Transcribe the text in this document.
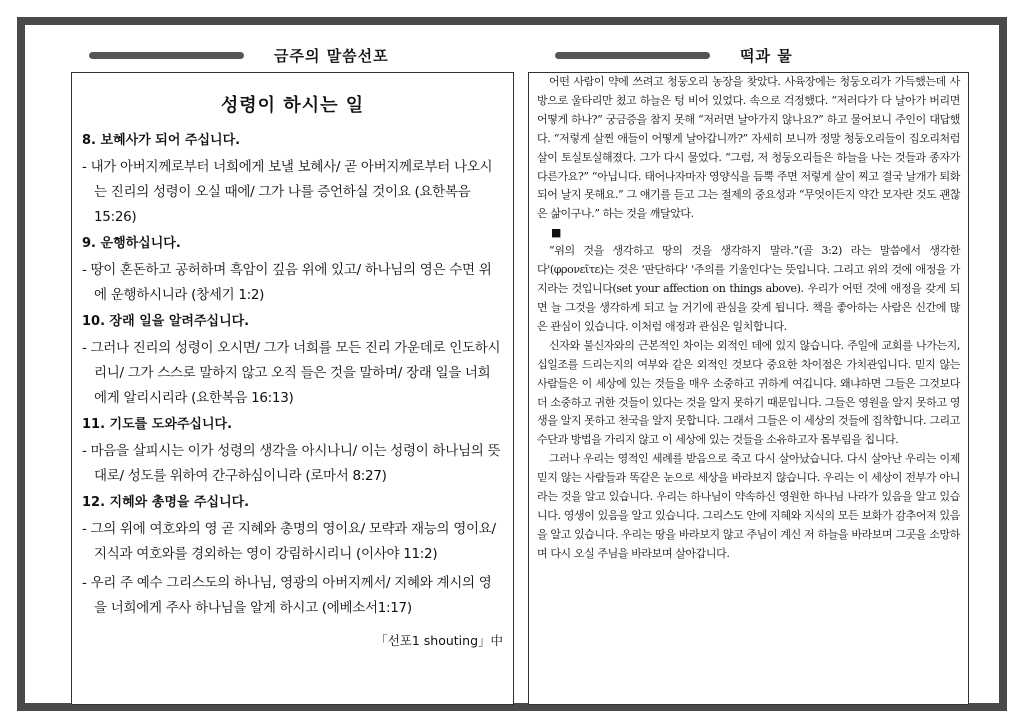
금주의 말씀선포	떡과 물
성령이 하시는 일
8. 보혜사가 되어 주십니다.
- 내가 아버지께로부터 너희에게 보낼 보혜사/ 곧 아버지께로부터 나오시는 진리의 성령이 오실 때에/ 그가 나를 증언하실 것이요 (요한복음 15:26)
9. 운행하십니다.
- 땅이 혼돈하고 공허하며 흑암이 깊음 위에 있고/ 하나님의 영은 수면 위에 운행하시니라 (창세기 1:2)
10. 장래 일을 알려주십니다.
- 그러나 진리의 성령이 오시면/ 그가 너희를 모든 진리 가운데로 인도하시리니/ 그가 스스로 말하지 않고 오직 들은 것을 말하며/ 장래 일을 너희에게 알리시리라 (요한복음 16:13)
11. 기도를 도와주십니다.
- 마음을 살피시는 이가 성령의 생각을 아시나니/ 이는 성령이 하나님의 뜻대로/ 성도를 위하여 간구하심이니라 (로마서 8:27)
12. 지혜와 총명을 주십니다.
- 그의 위에 여호와의 영 곧 지혜와 총명의 영이요/ 모략과 재능의 영이요/ 지식과 여호와를 경외하는 영이 강림하시리니 (이사야 11:2)
- 우리 주 예수 그리스도의 하나님, 영광의 아버지께서/ 지혜와 계시의 영을 너희에게 주사 하나님을 알게 하시고 (에베소서1:17)
「선포1 shouting」中

어떤 사람이 약에 쓰려고 청둥오리 농장을 찾았다. 사육장에는 청둥오리가 가득했는데 사방으로 울타리만 쳤고 하늘은 텅 비어 있었다. 속으로 걱정했다. “저러다가 다 날아가 버리면 어떻게 하나?” 궁금증을 참지 못해 “저러면 날아가지 않나요?” 하고 물어보니 주인이 대답했다. “저렇게 살찐 애들이 어떻게 날아갑니까?” 자세히 보니까 정말 청둥오리들이 집오리처럼 살이 토실토실해졌다. 그가 다시 물었다. “그럼, 저 청둥오리들은 하늘을 나는 것들과 종자가 다른가요?” “아닙니다. 태어나자마자 영양식을 듬뿍 주면 저렇게 살이 찌고 결국 날개가 퇴화되어 날지 못해요.” 그 얘기를 듣고 그는 절제의 중요성과 “무엇이든지 약간 모자란 것도 괜찮은 삶이구나.” 하는 것을 깨달았다.

■

“위의 것을 생각하고 땅의 것을 생각하지 말라.”(골 3:2) 라는 말씀에서 생각한다'(φρονεῖτε)는 것은 '판단하다' '주의를 기울인다'는 뜻입니다. 그리고 위의 것에 애정을 가지라는 것입니다(set your affection on things above). 우리가 어떤 것에 애정을 갖게 되면 늘 그것을 생각하게 되고 늘 거기에 관심을 갖게 됩니다. 책을 좋아하는 사람은 신간에 많은 관심이 있습니다. 이처럼 애정과 관심은 일치합니다.

신자와 불신자와의 근본적인 차이는 외적인 데에 있지 않습니다. 주일에 교회를 나가는지, 십일조를 드리는지의 여부와 같은 외적인 것보다 중요한 차이점은 가치관입니다. 믿지 않는 사람들은 이 세상에 있는 것들을 매우 소중하고 귀하게 여깁니다. 왜냐하면 그들은 그것보다 더 소중하고 귀한 것들이 있다는 것을 알지 못하기 때문입니다. 그들은 영원을 알지 못하고 영생을 알지 못하고 천국을 알지 못합니다. 그래서 그들은 이 세상의 것들에 집착합니다. 그리고 수단과 방법을 가리지 않고 이 세상에 있는 것들을 소유하고자 몸부림을 칩니다.

그러나 우리는 영적인 세례를 받음으로 죽고 다시 살아났습니다. 다시 살아난 우리는 이제 믿지 않는 사람들과 똑같은 눈으로 세상을 바라보지 않습니다. 우리는 이 세상이 전부가 아니라는 것을 알고 있습니다. 우리는 하나님이 약속하신 영원한 하나님 나라가 있음을 알고 있습니다. 영생이 있음을 알고 있습니다. 그리스도 안에 지혜와 지식의 모든 보화가 감추어져 있음을 알고 있습니다. 우리는 땅을 바라보지 않고 주님이 계신 저 하늘을 바라보며 그곳을 소망하며 다시 오실 주님을 바라보며 살아갑니다.
